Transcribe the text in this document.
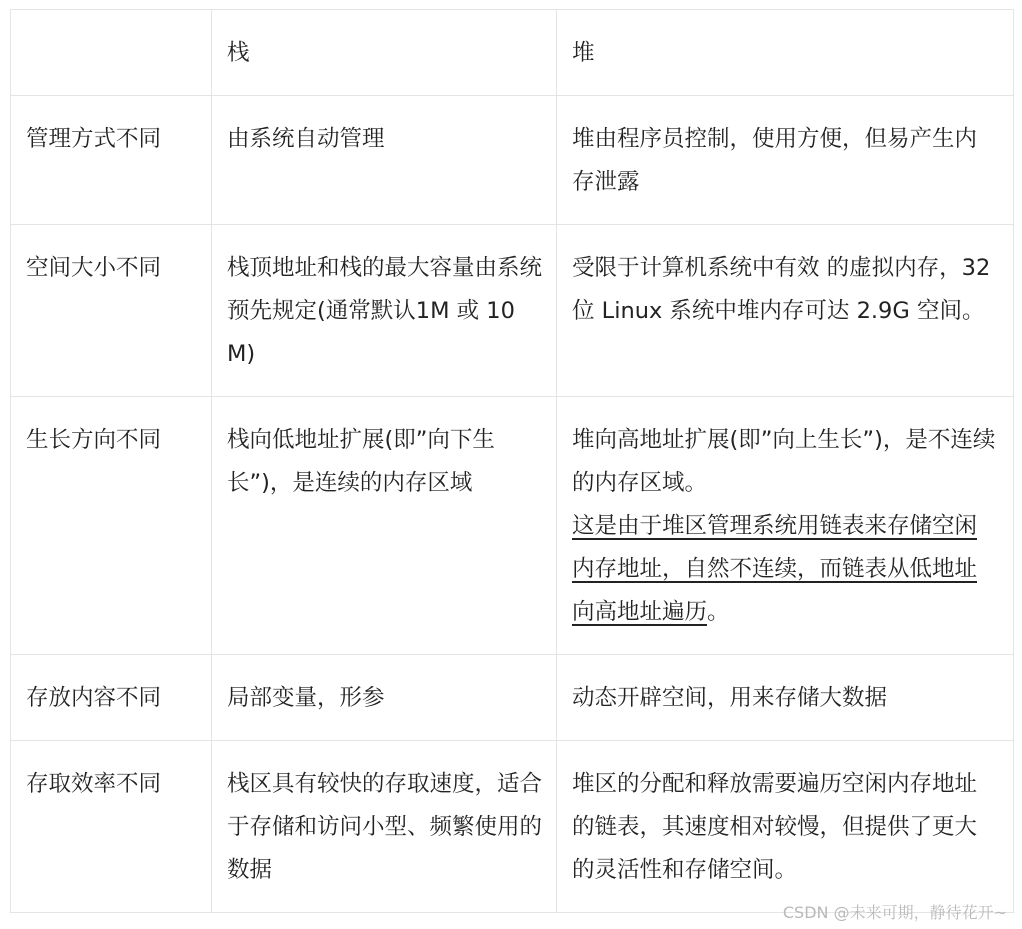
	栈	堆
管理方式不同	由系统自动管理	堆由程序员控制，使用方便，但易产生内存泄露
空间大小不同	栈顶地址和栈的最大容量由系统预先规定(通常默认1M 或 10M)	受限于计算机系统中有效 的虚拟内存，32 位 Linux 系统中堆内存可达 2.9G 空间。
生长方向不同	栈向低地址扩展(即”向下生长”)，是连续的内存区域	堆向高地址扩展(即”向上生长”)，是不连续的内存区域。
这是由于堆区管理系统用链表来存储空闲内存地址，自然不连续，而链表从低地址向高地址遍历。

存放内容不同	局部变量，形参	动态开辟空间，用来存储大数据
存取效率不同	栈区具有较快的存取速度，适合于存储和访问小型、频繁使用的数据	堆区的分配和释放需要遍历空闲内存地址的链表，其速度相对较慢，但提供了更大的灵活性和存储空间。
CSDN @未来可期，静待花开~
